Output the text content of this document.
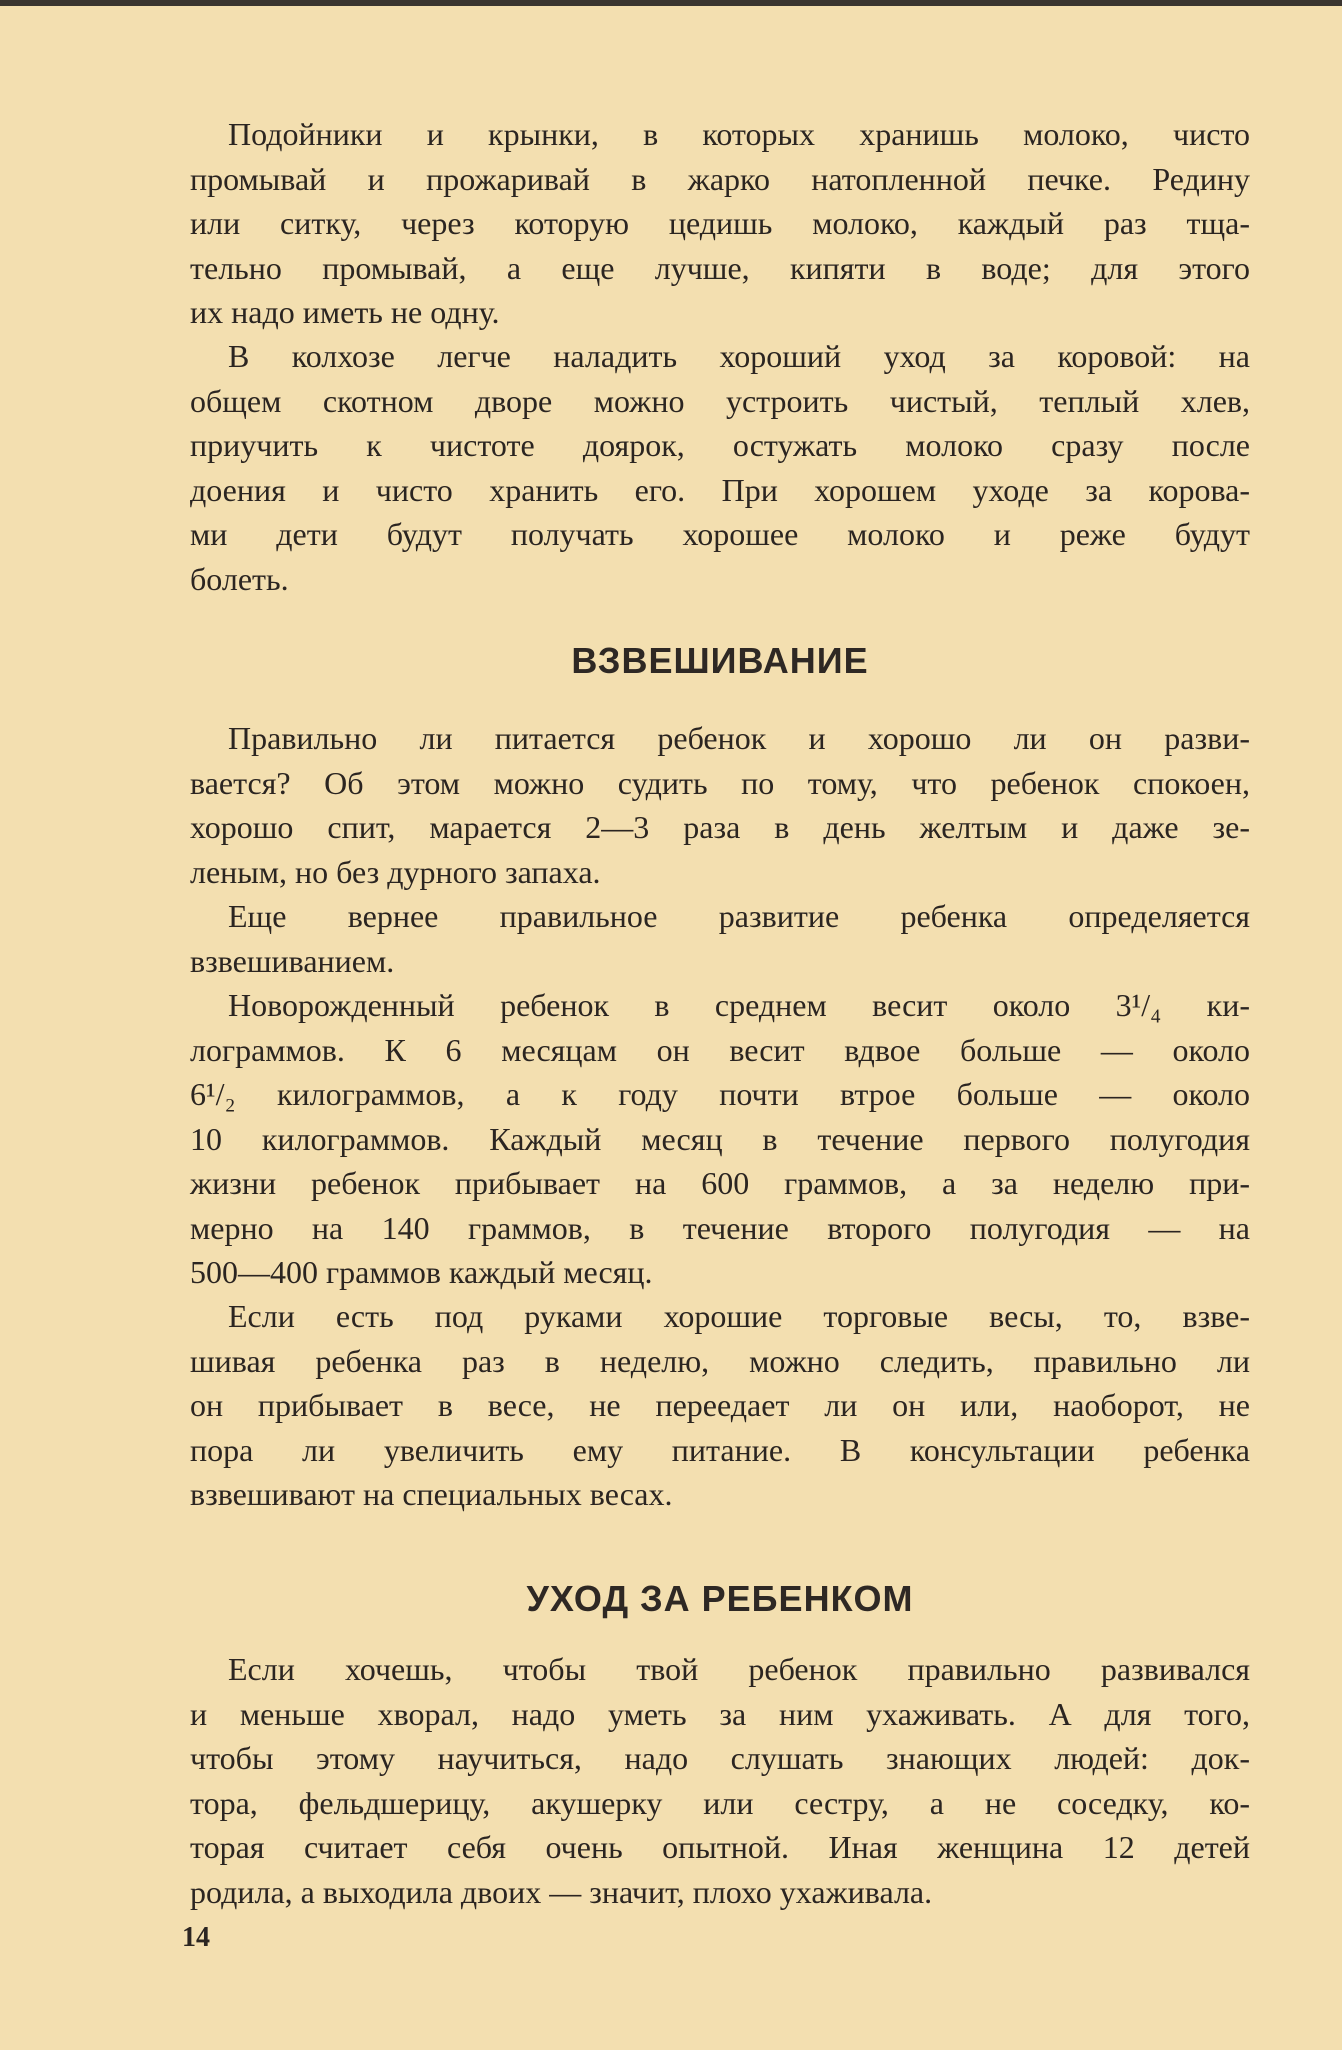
Подойники и крынки, в которых хранишь молоко, чисто
промывай и прожаривай в жарко натопленной печке. Редину
или ситку, через которую цедишь молоко, каждый раз тща-
тельно промывай, а еще лучше, кипяти в воде; для этого
их надо иметь не одну.
В колхозе легче наладить хороший уход за коровой: на
общем скотном дворе можно устроить чистый, теплый хлев,
приучить к чистоте доярок, остужать молоко сразу после
доения и чисто хранить его. При хорошем уходе за корова-
ми дети будут получать хорошее молоко и реже будут
болеть.
ВЗВЕШИВАНИЕ
Правильно ли питается ребенок и хорошо ли он разви-
вается? Об этом можно судить по тому, что ребенок спокоен,
хорошо спит, марается 2—3 раза в день желтым и даже зе-
леным, но без дурного запаха.
Еще вернее правильное развитие ребенка определяется
взвешиванием.
Новорожденный ребенок в среднем весит около 3¹/₄ ки-
лограммов. К 6 месяцам он весит вдвое больше — около
6¹/₂ килограммов, а к году почти втрое больше — около
10 килограммов. Каждый месяц в течение первого полугодия
жизни ребенок прибывает на 600 граммов, а за неделю при-
мерно на 140 граммов, в течение второго полугодия — на
500—400 граммов каждый месяц.
Если есть под руками хорошие торговые весы, то, взве-
шивая ребенка раз в неделю, можно следить, правильно ли
он прибывает в весе, не переедает ли он или, наоборот, не
пора ли увеличить ему питание. В консультации ребенка
взвешивают на специальных весах.
УХОД ЗА РЕБЕНКОМ
Если хочешь, чтобы твой ребенок правильно развивался
и меньше хворал, надо уметь за ним ухаживать. А для того,
чтобы этому научиться, надо слушать знающих людей: док-
тора, фельдшерицу, акушерку или сестру, а не соседку, ко-
торая считает себя очень опытной. Иная женщина 12 детей
родила, а выходила двоих — значит, плохо ухаживала.
14
